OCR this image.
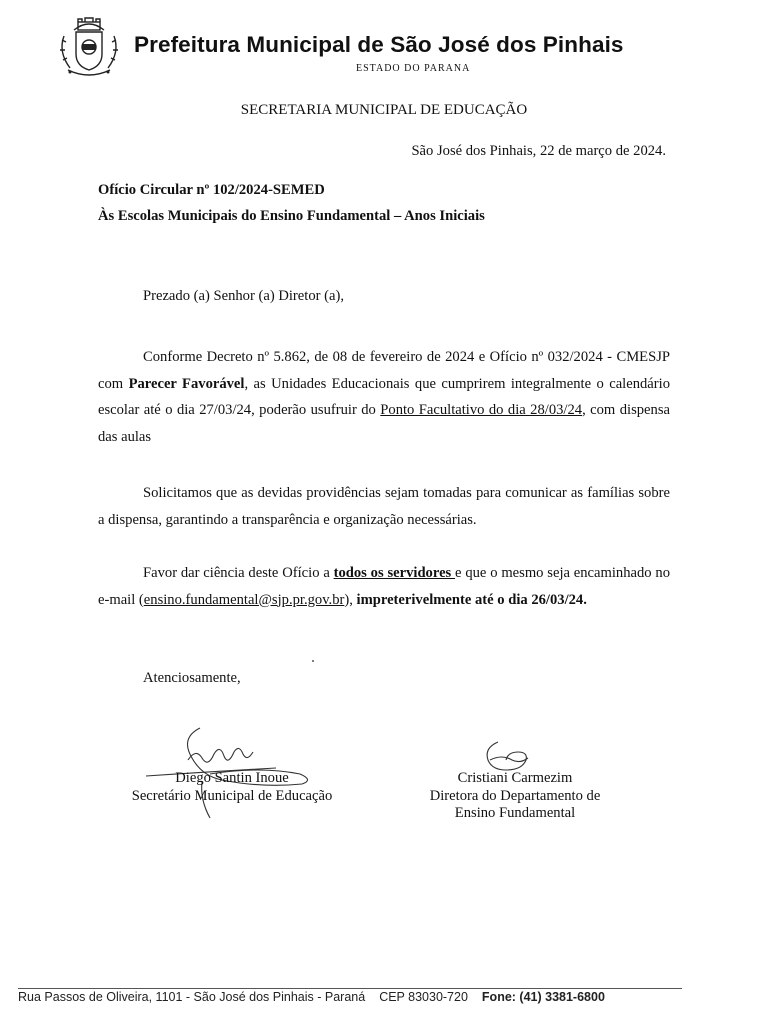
Prefeitura Municipal de São José dos Pinhais
ESTADO DO PARANA
SECRETARIA MUNICIPAL DE EDUCAÇÃO
São José dos Pinhais, 22 de março de 2024.
Ofício Circular nº 102/2024-SEMED
Às Escolas Municipais do Ensino Fundamental – Anos Iniciais
Prezado (a) Senhor (a) Diretor (a),
Conforme Decreto nº 5.862, de 08 de fevereiro de 2024 e Ofício nº 032/2024 - CMESJP com Parecer Favorável, as Unidades Educacionais que cumprirem integralmente o calendário escolar até o dia 27/03/24, poderão usufruir do Ponto Facultativo do dia 28/03/24, com dispensa das aulas
Solicitamos que as devidas providências sejam tomadas para comunicar as famílias sobre a dispensa, garantindo a transparência e organização necessárias.
Favor dar ciência deste Ofício a todos os servidores e que o mesmo seja encaminhado no e-mail (ensino.fundamental@sjp.pr.gov.br), impreterivelmente até o dia 26/03/24.
Atenciosamente,
Diego Santin Inoue
Secretário Municipal de Educação
Cristiani Carmezim
Diretora do Departamento de
Ensino Fundamental
Rua Passos de Oliveira, 1101 - São José dos Pinhais - Paraná CEP 83030-720 Fone: (41) 3381-6800
